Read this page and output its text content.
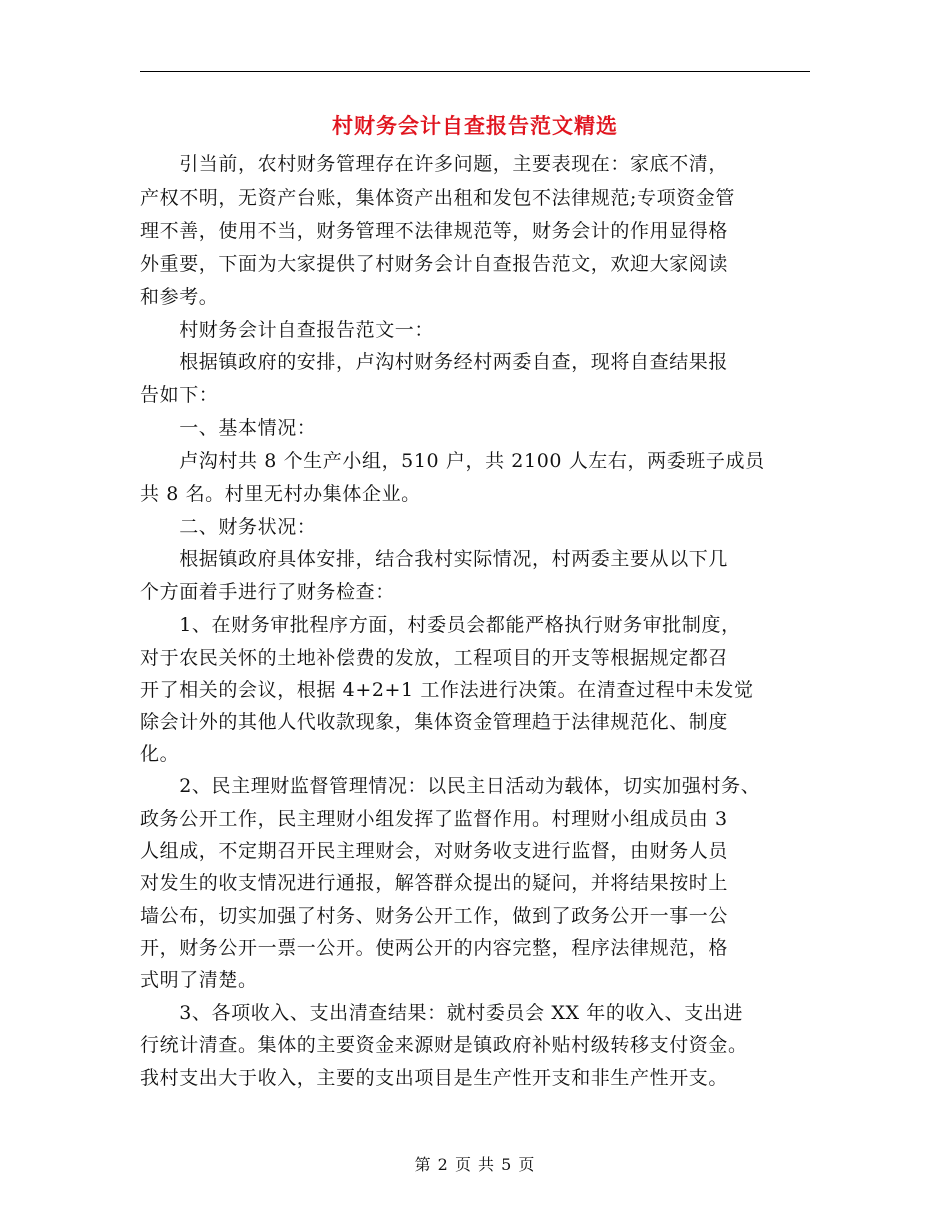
村财务会计自查报告范文精选
　　引当前，农村财务管理存在许多问题，主要表现在：家底不清，
产权不明，无资产台账，集体资产出租和发包不法律规范;专项资金管
理不善，使用不当，财务管理不法律规范等，财务会计的作用显得格
外重要，下面为大家提供了村财务会计自查报告范文，欢迎大家阅读
和参考。
　　村财务会计自查报告范文一：
　　根据镇政府的安排，卢沟村财务经村两委自查，现将自查结果报
告如下：
　　一、基本情况：
　　卢沟村共 8 个生产小组，510 户，共 2100 人左右，两委班子成员
共 8 名。村里无村办集体企业。
　　二、财务状况：
　　根据镇政府具体安排，结合我村实际情况，村两委主要从以下几
个方面着手进行了财务检查：
　　1、在财务审批程序方面，村委员会都能严格执行财务审批制度，
对于农民关怀的土地补偿费的发放，工程项目的开支等根据规定都召
开了相关的会议，根据 4+2+1 工作法进行决策。在清查过程中未发觉
除会计外的其他人代收款现象，集体资金管理趋于法律规范化、制度
化。
　　2、民主理财监督管理情况：以民主日活动为载体，切实加强村务、
政务公开工作，民主理财小组发挥了监督作用。村理财小组成员由 3
人组成，不定期召开民主理财会，对财务收支进行监督，由财务人员
对发生的收支情况进行通报，解答群众提出的疑问，并将结果按时上
墙公布，切实加强了村务、财务公开工作，做到了政务公开一事一公
开，财务公开一票一公开。使两公开的内容完整，程序法律规范，格
式明了清楚。
　　3、各项收入、支出清查结果：就村委员会 XX 年的收入、支出进
行统计清查。集体的主要资金来源财是镇政府补贴村级转移支付资金。
我村支出大于收入，主要的支出项目是生产性开支和非生产性开支。
第 2 页 共 5 页
